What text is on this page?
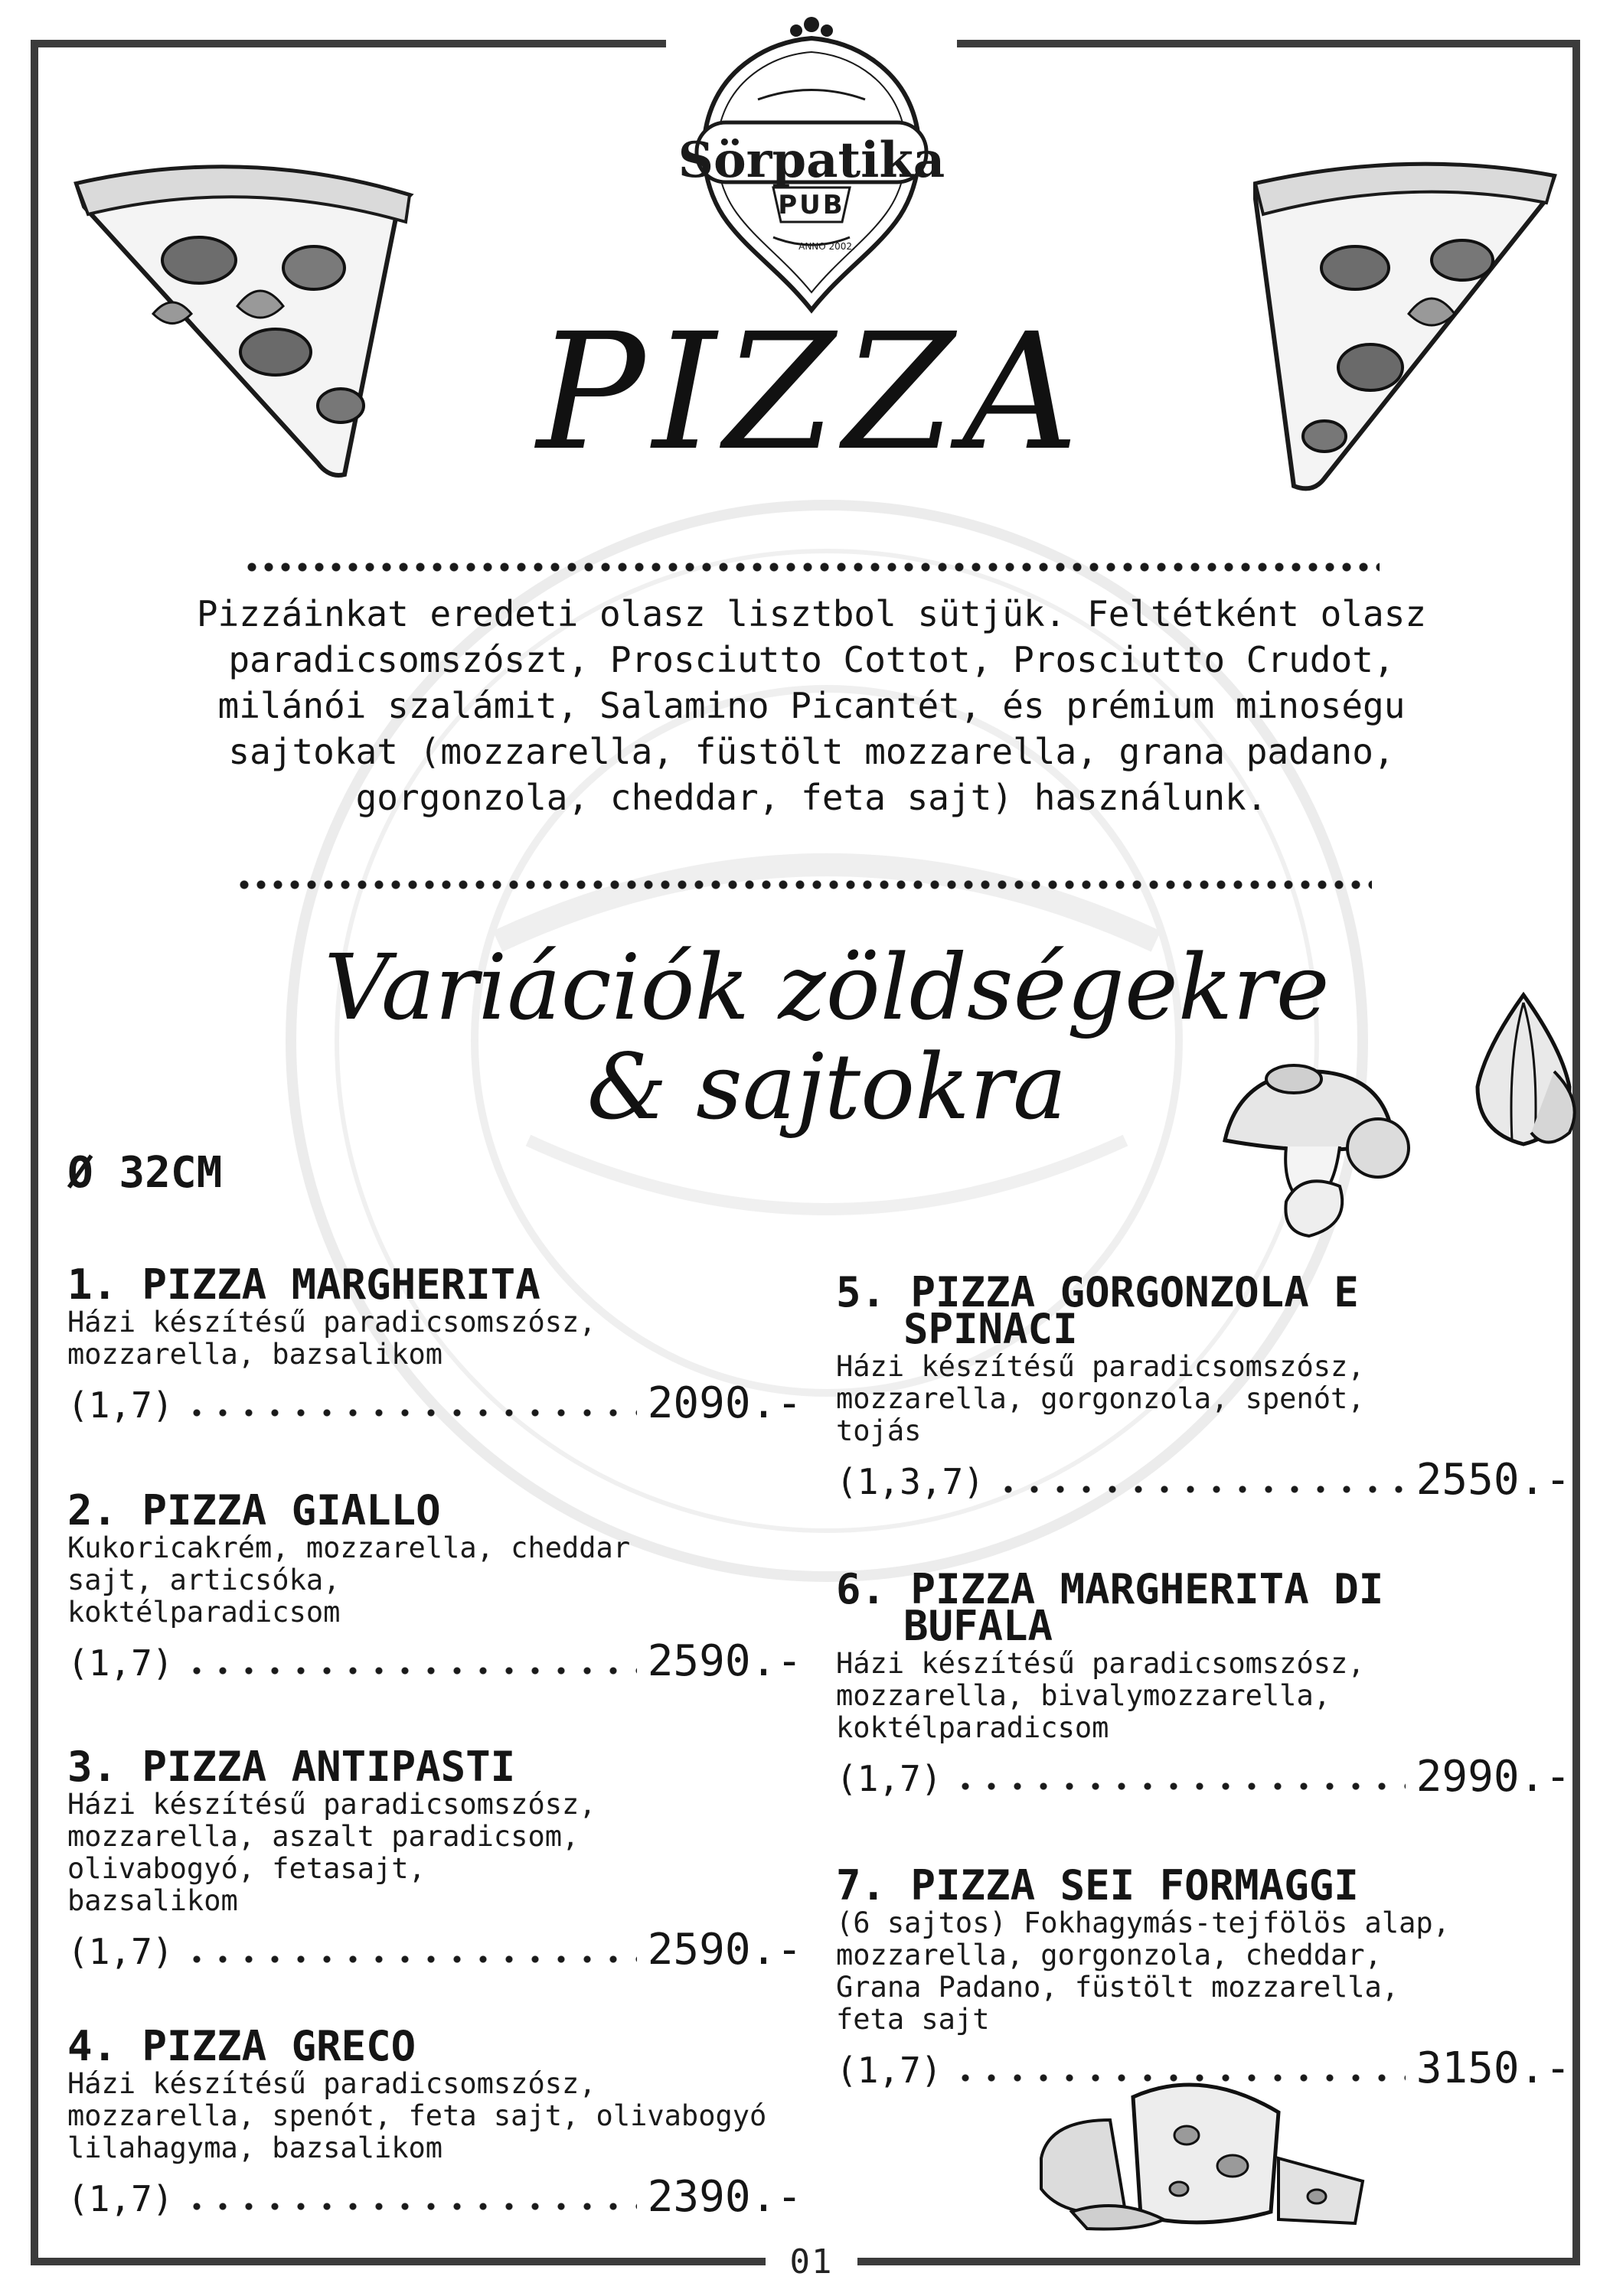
01
Sörpatika
PUB
ANNO 2002.
PIZZA
Pizzáinkat eredeti olasz lisztbol sütjük. Feltétként olasz
paradicsomszószt, Prosciutto Cottot, Prosciutto Crudot,
milánói szalámit, Salamino Picantét, és prémium minoségu
sajtokat (mozzarella, füstölt mozzarella, grana padano,
gorgonzola, cheddar, feta sajt) használunk.
Variációk zöldségekre
& sajtokra
Ø 32CM
1. PIZZA MARGHERITA
Házi készítésű paradicsomszósz,
mozzarella, bazsalikom
(1,7)	2090.-
2. PIZZA GIALLO
Kukoricakrém, mozzarella, cheddar
sajt, articsóka,
koktélparadicsom
(1,7)	2590.-
3. PIZZA ANTIPASTI
Házi készítésű paradicsomszósz,
mozzarella, aszalt paradicsom,
olivabogyó, fetasajt,
bazsalikom
(1,7)	2590.-
4. PIZZA GRECO
Házi készítésű paradicsomszósz,
mozzarella, spenót, feta sajt, olivabogyó
lilahagyma, bazsalikom
(1,7)	2390.-
5. PIZZA GORGONZOLA E
SPINACI
Házi készítésű paradicsomszósz,
mozzarella, gorgonzola, spenót,
tojás
(1,3,7)	2550.-
6. PIZZA MARGHERITA DI
BUFALA
Házi készítésű paradicsomszósz,
mozzarella, bivalymozzarella,
koktélparadicsom
(1,7)	2990.-
7. PIZZA SEI FORMAGGI
(6 sajtos) Fokhagymás-tejfölös alap,
mozzarella, gorgonzola, cheddar,
Grana Padano, füstölt mozzarella,
feta sajt
(1,7)	3150.-
